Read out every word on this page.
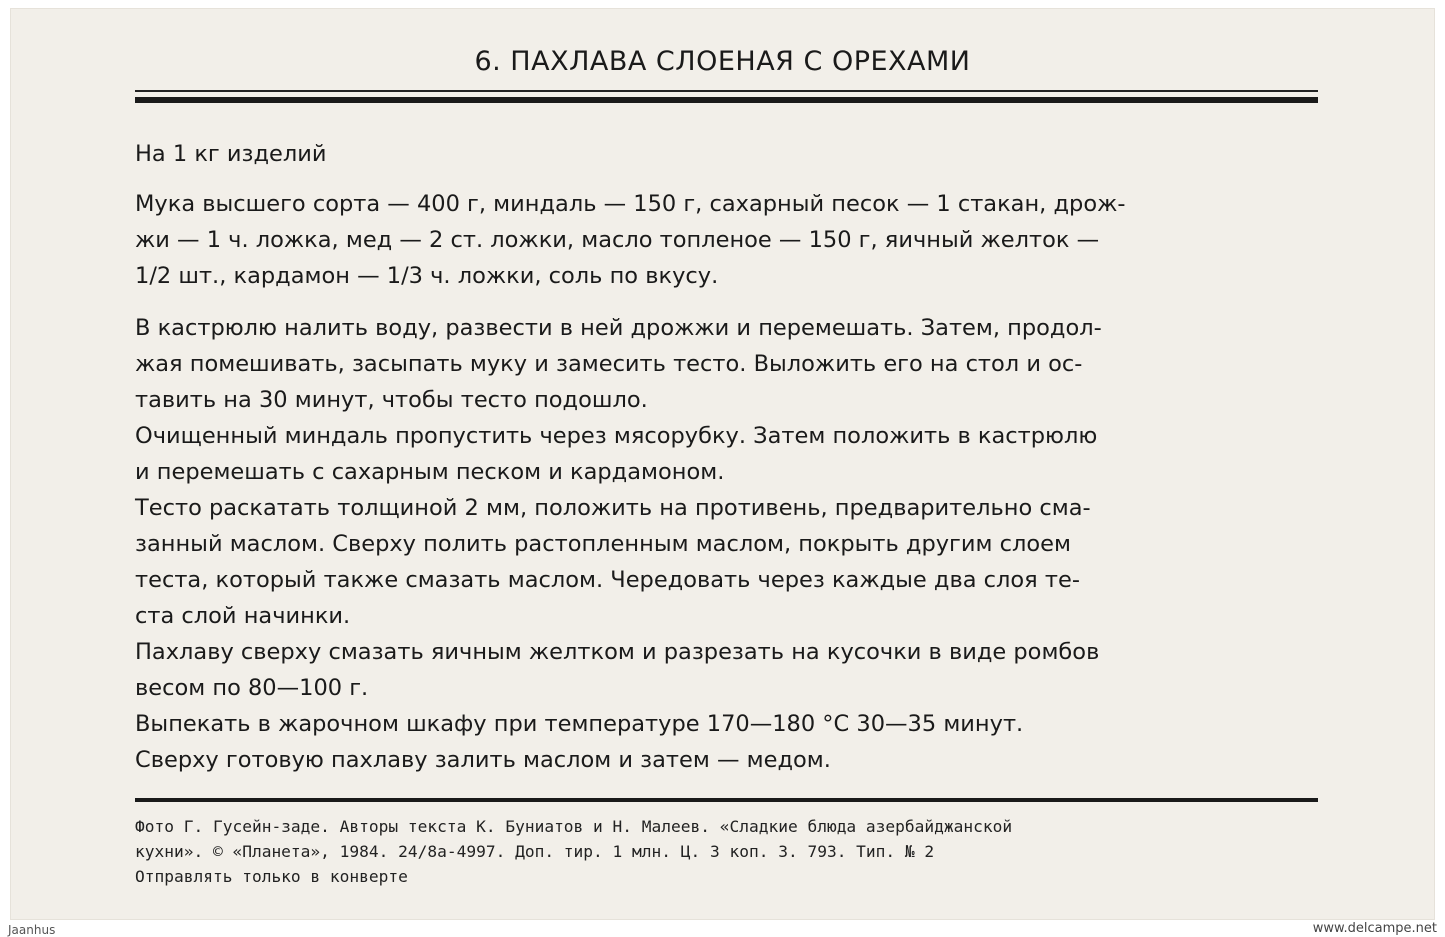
6. ПАХЛАВА СЛОЕНАЯ С ОРЕХАМИ

На 1 кг изделий

Мука высшего сорта — 400 г, миндаль — 150 г, сахарный песок — 1 стакан, дрож-

жи — 1 ч. ложка, мед — 2 ст. ложки, масло топленое — 150 г, яичный желток —

1/2 шт., кардамон — 1/3 ч. ложки, соль по вкусу.

В кастрюлю налить воду, развести в ней дрожжи и перемешать. Затем, продол-

жая помешивать, засыпать муку и замесить тесто. Выложить его на стол и ос-

тавить на 30 минут, чтобы тесто подошло.

Очищенный миндаль пропустить через мясорубку. Затем положить в кастрюлю

и перемешать с сахарным песком и кардамоном.

Тесто раскатать толщиной 2 мм, положить на противень, предварительно сма-

занный маслом. Сверху полить растопленным маслом, покрыть другим слоем

теста, который также смазать маслом. Чередовать через каждые два слоя те-

ста слой начинки.

Пахлаву сверху смазать яичным желтком и разрезать на кусочки в виде ромбов

весом по 80—100 г.

Выпекать в жарочном шкафу при температуре 170—180 °С 30—35 минут.

Сверху готовую пахлаву залить маслом и затем — медом.

Фото Г. Гусейн-заде. Авторы текста К. Буниатов и Н. Малеев. «Сладкие блюда азербайджанской

кухни». © «Планета», 1984. 24/8а-4997. Доп. тир. 1 млн. Ц. 3 коп. З. 793. Тип. № 2

Отправлять только в конверте

Jaanhus	www.delcampe.net
